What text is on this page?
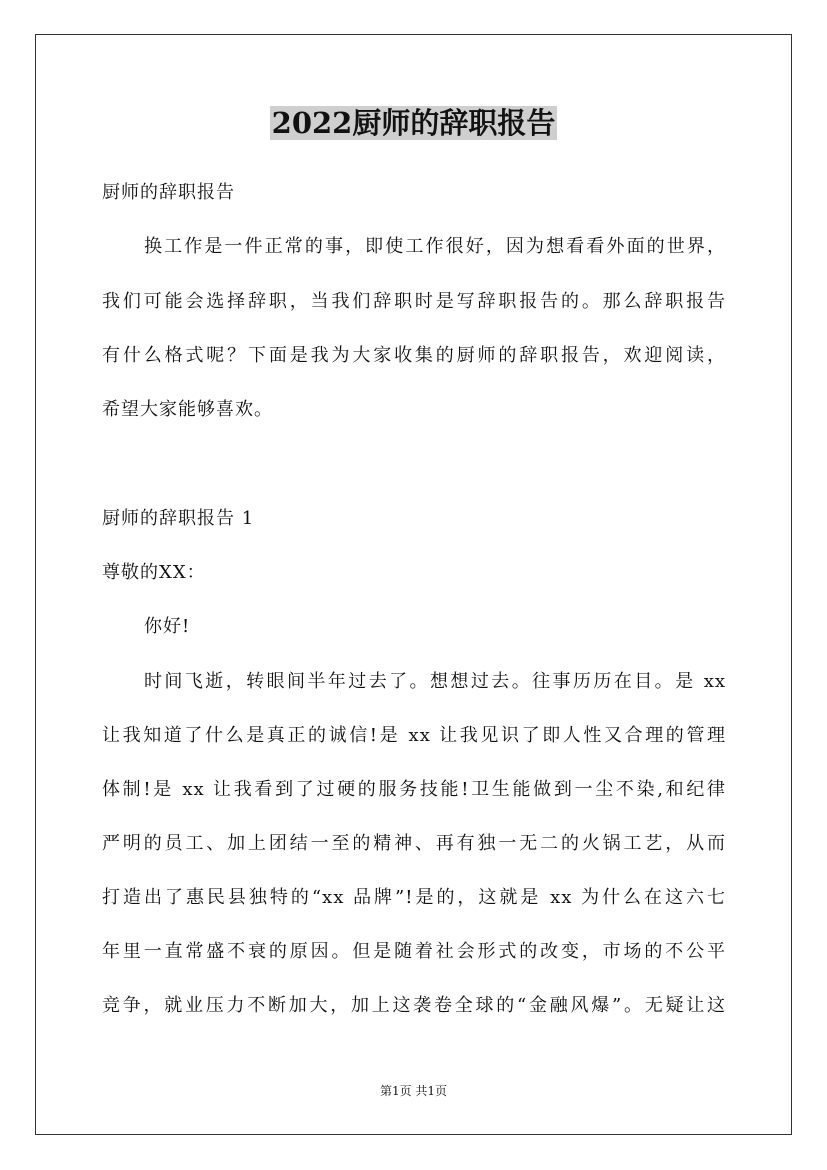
2022厨师的辞职报告
厨师的辞职报告
换工作是一件正常的事，即使工作很好，因为想看看外面的世界，
我们可能会选择辞职，当我们辞职时是写辞职报告的。那么辞职报告
有什么格式呢？下面是我为大家收集的厨师的辞职报告，欢迎阅读，
希望大家能够喜欢。
厨师的辞职报告 1
尊敬的XX：
你好!
时间飞逝，转眼间半年过去了。想想过去。往事历历在目。是 xx
让我知道了什么是真正的诚信!是 xx 让我见识了即人性又合理的管理
体制!是 xx 让我看到了过硬的服务技能!卫生能做到一尘不染,和纪律
严明的员工、加上团结一至的精神、再有独一无二的火锅工艺，从而
打造出了惠民县独特的“xx 品牌”!是的，这就是 xx 为什么在这六七
年里一直常盛不衰的原因。但是随着社会形式的改变，市场的不公平
竞争，就业压力不断加大，加上这袭卷全球的“金融风爆”。无疑让这
第1页 共1页
